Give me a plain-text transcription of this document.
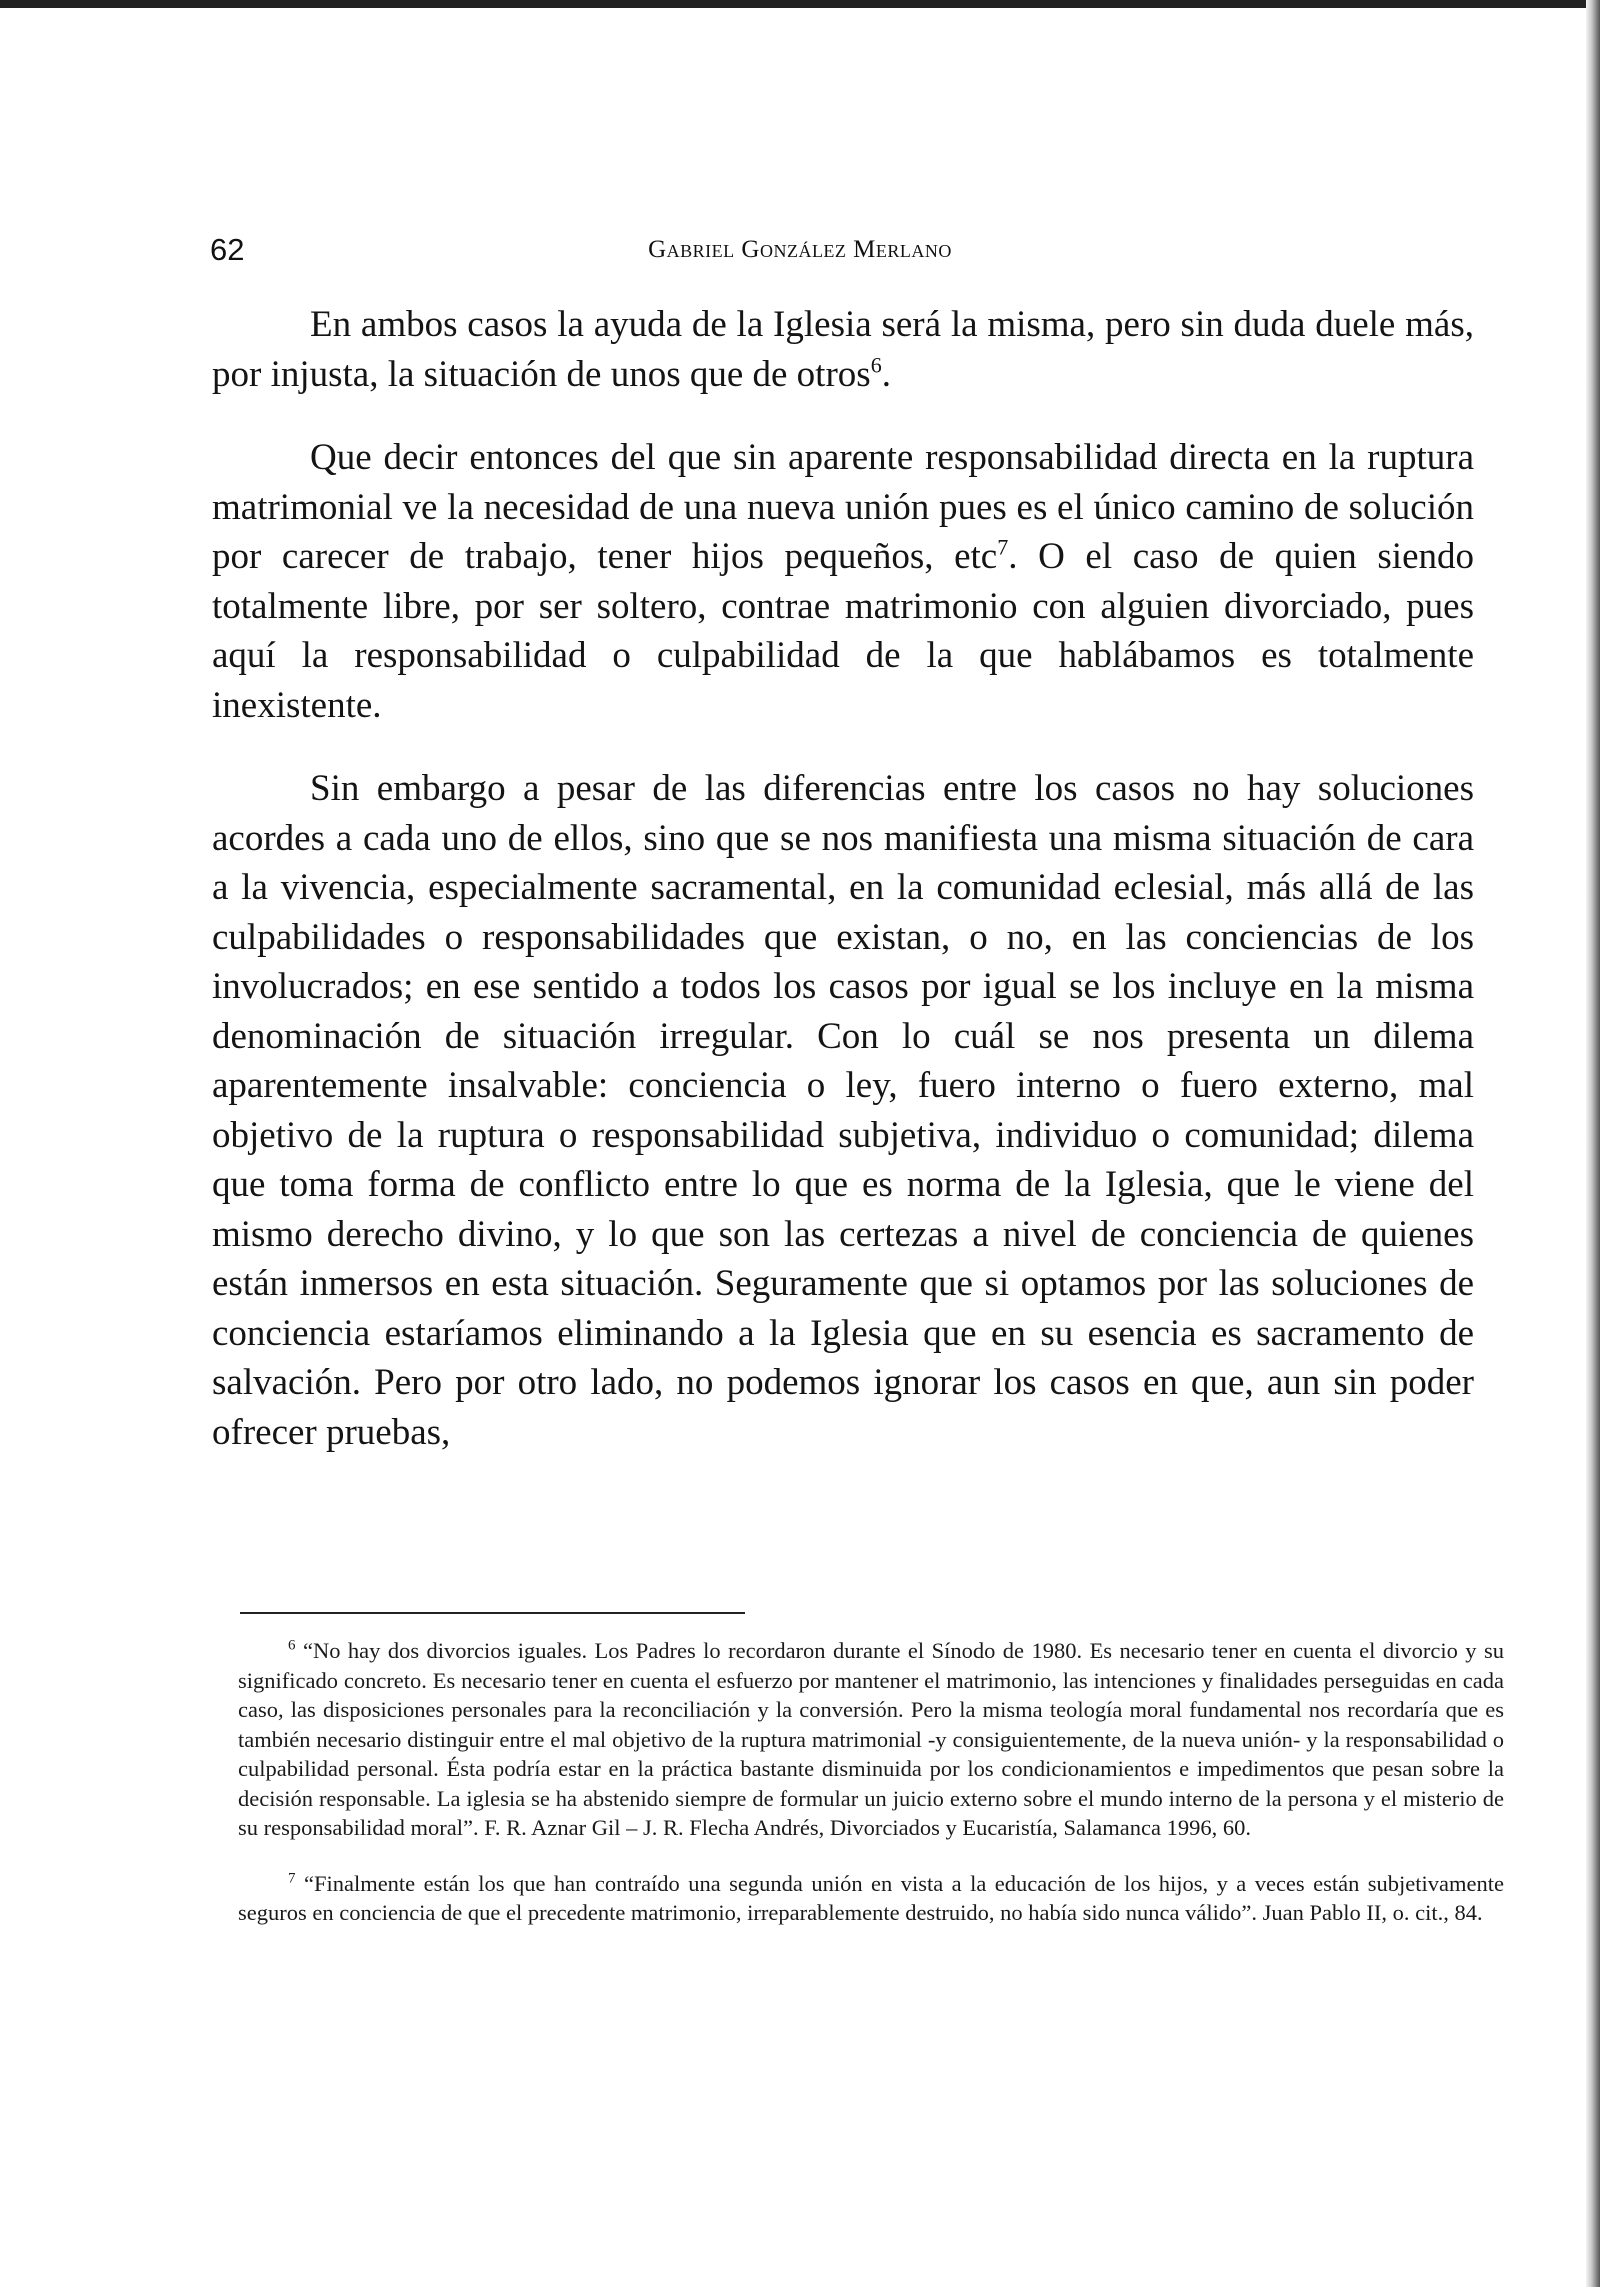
62	Gabriel González Merlano

En ambos casos la ayuda de la Iglesia será la misma, pero sin duda duele más, por injusta, la situación de unos que de otros$^6$.

Que decir entonces del que sin aparente responsabilidad directa en la ruptura matrimonial ve la necesidad de una nueva unión pues es el único camino de solución por carecer de trabajo, tener hijos pequeños, etc$^7$. O el caso de quien siendo totalmente libre, por ser soltero, contrae matrimonio con alguien divorciado, pues aquí la responsabilidad o culpabilidad de la que hablábamos es totalmente inexistente.

Sin embargo a pesar de las diferencias entre los casos no hay soluciones acordes a cada uno de ellos, sino que se nos manifiesta una misma situación de cara a la vivencia, especialmente sacramental, en la comunidad eclesial, más allá de las culpabilidades o responsabilidades que existan, o no, en las conciencias de los involucrados; en ese sentido a todos los casos por igual se los incluye en la misma denominación de situación irregular. Con lo cuál se nos presenta un dilema aparentemente insalvable: conciencia o ley, fuero interno o fuero externo, mal objetivo de la ruptura o responsabilidad subjetiva, individuo o comunidad; dilema que toma forma de conflicto entre lo que es norma de la Iglesia, que le viene del mismo derecho divino, y lo que son las certezas a nivel de conciencia de quienes están inmersos en esta situación. Seguramente que si optamos por las soluciones de conciencia estaríamos eliminando a la Iglesia que en su esencia es sacramento de salvación. Pero por otro lado, no podemos ignorar los casos en que, aun sin poder ofrecer pruebas,

$^6$ “No hay dos divorcios iguales. Los Padres lo recordaron durante el Sínodo de 1980. Es necesario tener en cuenta el divorcio y su significado concreto. Es necesario tener en cuenta el esfuerzo por mantener el matrimonio, las intenciones y finalidades perseguidas en cada caso, las disposiciones personales para la reconciliación y la conversión. Pero la misma teología moral fundamental nos recordaría que es también necesario distinguir entre el mal objetivo de la ruptura matrimonial -y consiguientemente, de la nueva unión- y la responsabilidad o culpabilidad personal. Ésta podría estar en la práctica bastante disminuida por los condicionamientos e impedimentos que pesan sobre la decisión responsable. La iglesia se ha abstenido siempre de formular un juicio externo sobre el mundo interno de la persona y el misterio de su responsabilidad moral”. F. R. Aznar Gil – J. R. Flecha Andrés, Divorciados y Eucaristía, Salamanca 1996, 60.

$^7$ “Finalmente están los que han contraído una segunda unión en vista a la educación de los hijos, y a veces están subjetivamente seguros en conciencia de que el precedente matrimonio, irreparablemente destruido, no había sido nunca válido”. Juan Pablo II, o. cit., 84.
